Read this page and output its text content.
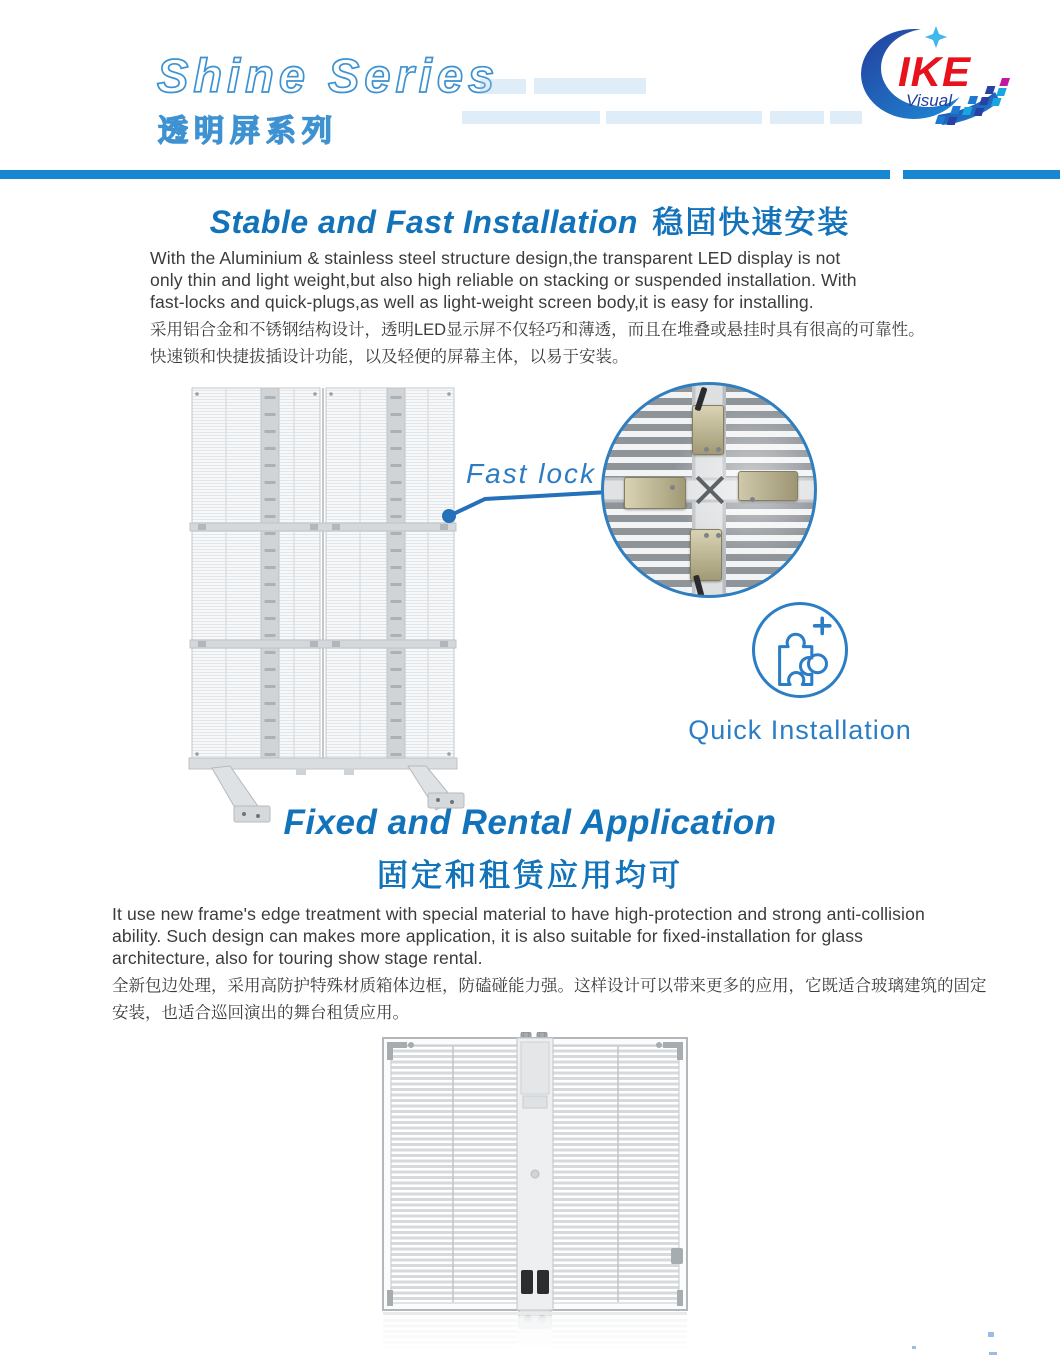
Shine Series
透明屏系列
IKE
Visual
Stable and Fast Installation 稳固快速安装
With the Aluminium & stainless steel structure design,the transparent LED display is not
only thin and light weight,but also high reliable on stacking or suspended installation. With
fast-locks and quick-plugs,as well as light-weight screen body,it is easy for installing.
采用铝合金和不锈钢结构设计，透明LED显示屏不仅轻巧和薄透，而且在堆叠或悬挂时具有很高的可靠性。
快速锁和快捷拔插设计功能，以及轻便的屏幕主体，以易于安装。
Fast lock
Quick Installation
Fixed and Rental Application
固定和租赁应用均可
It use new frame's edge treatment with special material to have high-protection and strong anti-collision
ability. Such design can makes more application, it is also suitable for fixed-installation for glass
architecture, also for touring show stage rental.
全新包边处理，采用高防护特殊材质箱体边框，防磕碰能力强。这样设计可以带来更多的应用，它既适合玻璃建筑的固定
安装，也适合巡回演出的舞台租赁应用。
